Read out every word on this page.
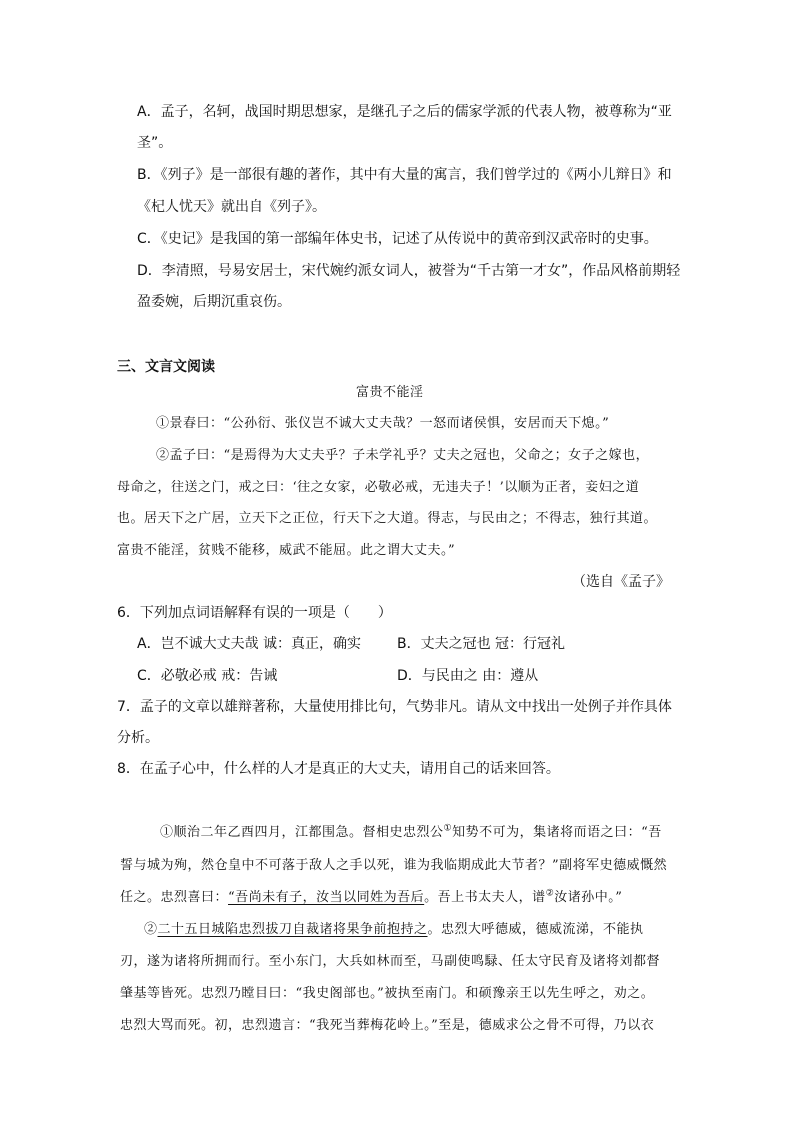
A．孟子，名轲，战国时期思想家，是继孔子之后的儒家学派的代表人物，被尊称为“亚
圣”。
B．《列子》是一部很有趣的著作，其中有大量的寓言，我们曾学过的《两小儿辩日》和
《杞人忧天》就出自《列子》。
C．《史记》是我国的第一部编年体史书，记述了从传说中的黄帝到汉武帝时的史事。
D．李清照，号易安居士，宋代婉约派女词人，被誉为“千古第一才女”，作品风格前期轻
盈委婉，后期沉重哀伤。
三、文言文阅读
富贵不能淫
①景春曰：“公孙衍、张仪岂不诚大丈夫哉？一怒而诸侯惧，安居而天下熄。”
②孟子曰：“是焉得为大丈夫乎？子未学礼乎？丈夫之冠也，父命之；女子之嫁也，
母命之，往送之门，戒之曰：‘往之女家，必敬必戒，无违夫子！’以顺为正者，妾妇之道
也。居天下之广居，立天下之正位，行天下之大道。得志，与民由之；不得志，独行其道。
富贵不能淫，贫贱不能移，威武不能屈。此之谓大丈夫。”
（选自《孟子》
6．下列加点词语解释有误的一项是（　　）
A．岂不诚大丈夫哉 诚：真正，确实	B．丈夫之冠也 冠：行冠礼
C．必敬必戒 戒：告诫	D．与民由之 由：遵从
7．孟子的文章以雄辩著称，大量使用排比句，气势非凡。请从文中找出一处例子并作具体
分析。
8．在孟子心中，什么样的人才是真正的大丈夫，请用自己的话来回答。
①顺治二年乙酉四月，江都围急。督相史忠烈公①知势不可为，集诸将而语之曰：“吾
誓与城为殉，然仓皇中不可落于敌人之手以死，谁为我临期成此大节者？”副将军史德威慨然
任之。忠烈喜曰：“吾尚未有子，汝当以同姓为吾后。吾上书太夫人，谱②汝诸孙中。”
②二十五日城陷忠烈拔刀自裁诸将果争前抱持之。忠烈大呼德威，德威流涕，不能执
刃，遂为诸将所拥而行。至小东门，大兵如林而至，马副使鸣騄、任太守民育及诸将刘都督
肇基等皆死。忠烈乃瞠目曰：“我史阁部也。”被执至南门。和硕豫亲王以先生呼之，劝之。
忠烈大骂而死。初，忠烈遗言：“我死当葬梅花岭上。”至是，德威求公之骨不可得，乃以衣
